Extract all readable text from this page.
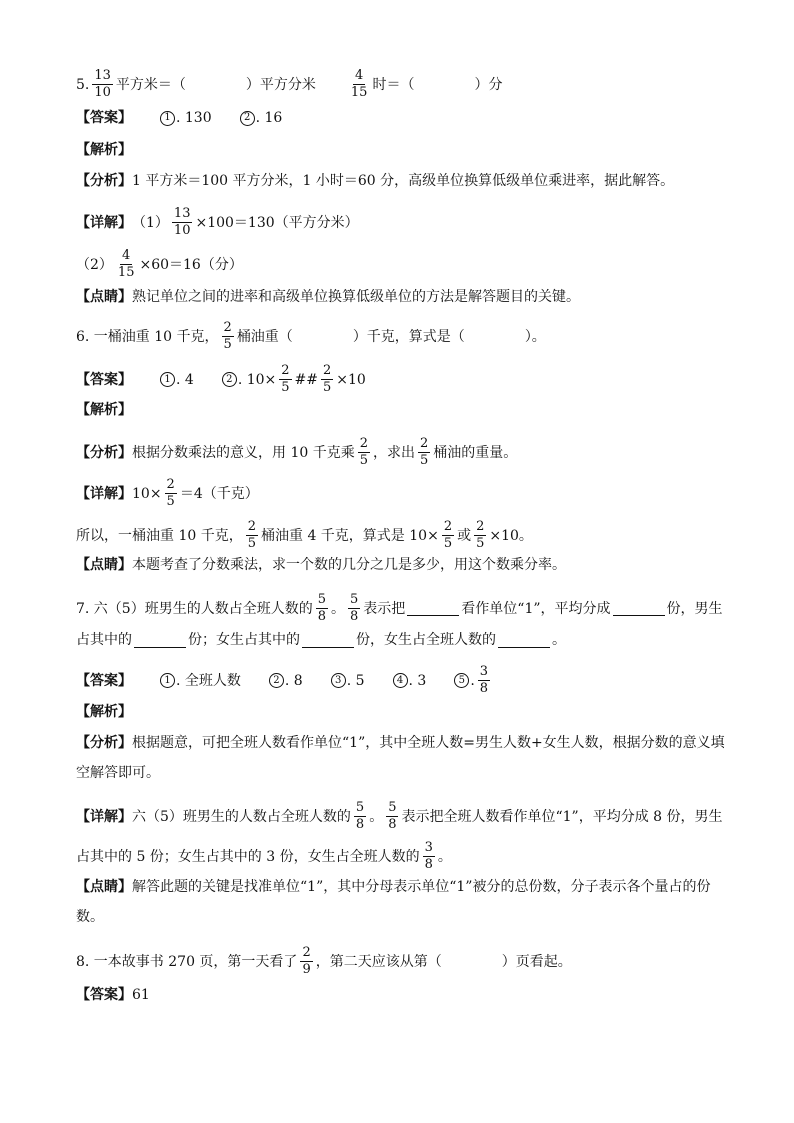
5. $\frac{13}{10}$ 平方米＝（	）平方分米	$\frac{4}{15}$ 时＝（	）分
【答案】	1 . 130	2 . 16
【解析】
【分析】 1 平方米＝100 平方分米，1 小时＝60 分，高级单位换算低级单位乘进率，据此解答。
【详解】 $(1) \frac{13}{10} \times 100=130$（平方分米）
$(2) \frac{4}{15} \times 60=16$（分）
【点睛】 熟记单位之间的进率和高级单位换算低级单位的方法是解答题目的关键。
6. 一桶油重 10 千克， $\frac{2}{5}$ 桶油重（	）千克，算式是（	）。
【答案】	1 . 4	2 . $10\times \frac{2}{5}$ ## $\frac{2}{5} \times 10$
【解析】
【分析】 根据分数乘法的意义，用 10 千克乘 $\frac{2}{5}$ ，求出 $\frac{2}{5}$ 桶油的重量。
【详解】 $10\times \frac{2}{5} =4$（千克）
所以，一桶油重 10 千克， $\frac{2}{5}$ 桶油重 4 千克，算式是 $10\times \frac{2}{5}$ 或 $\frac{2}{5} \times 10$。
【点睛】 本题考查了分数乘法，求一个数的几分之几是多少，用这个数乘分率。
7. 六（5）班男生的人数占全班人数的 $\frac{5}{8}$ 。 $\frac{5}{8}$ 表示把	看作单位“1”，平均分成	份，男生
占其中的	份；女生占其中的	份，女生占全班人数的	。
【答案】	1 . 全班人数	2 . 8	3 . 5	4 . 3	5 . $\frac{3}{8}$
【解析】
【分析】根据题意，可把全班人数看作单位“1”，其中全班人数=男生人数+女生人数，根据分数的意义填空解答即可。
【详解】 六（5）班男生的人数占全班人数的 $\frac{5}{8}$ 。 $\frac{5}{8}$ 表示把全班人数看作单位“1”，平均分成 8 份，男生
占其中的 5 份；女生占其中的 3 份，女生占全班人数的 $\frac{3}{8}$ 。
【点睛】解答此题的关键是找准单位“1”，其中分母表示单位“1”被分的总份数，分子表示各个量占的份数。
8. 一本故事书 270 页，第一天看了 $\frac{2}{9}$ ，第二天应该从第（	）页看起。
【答案】 61
